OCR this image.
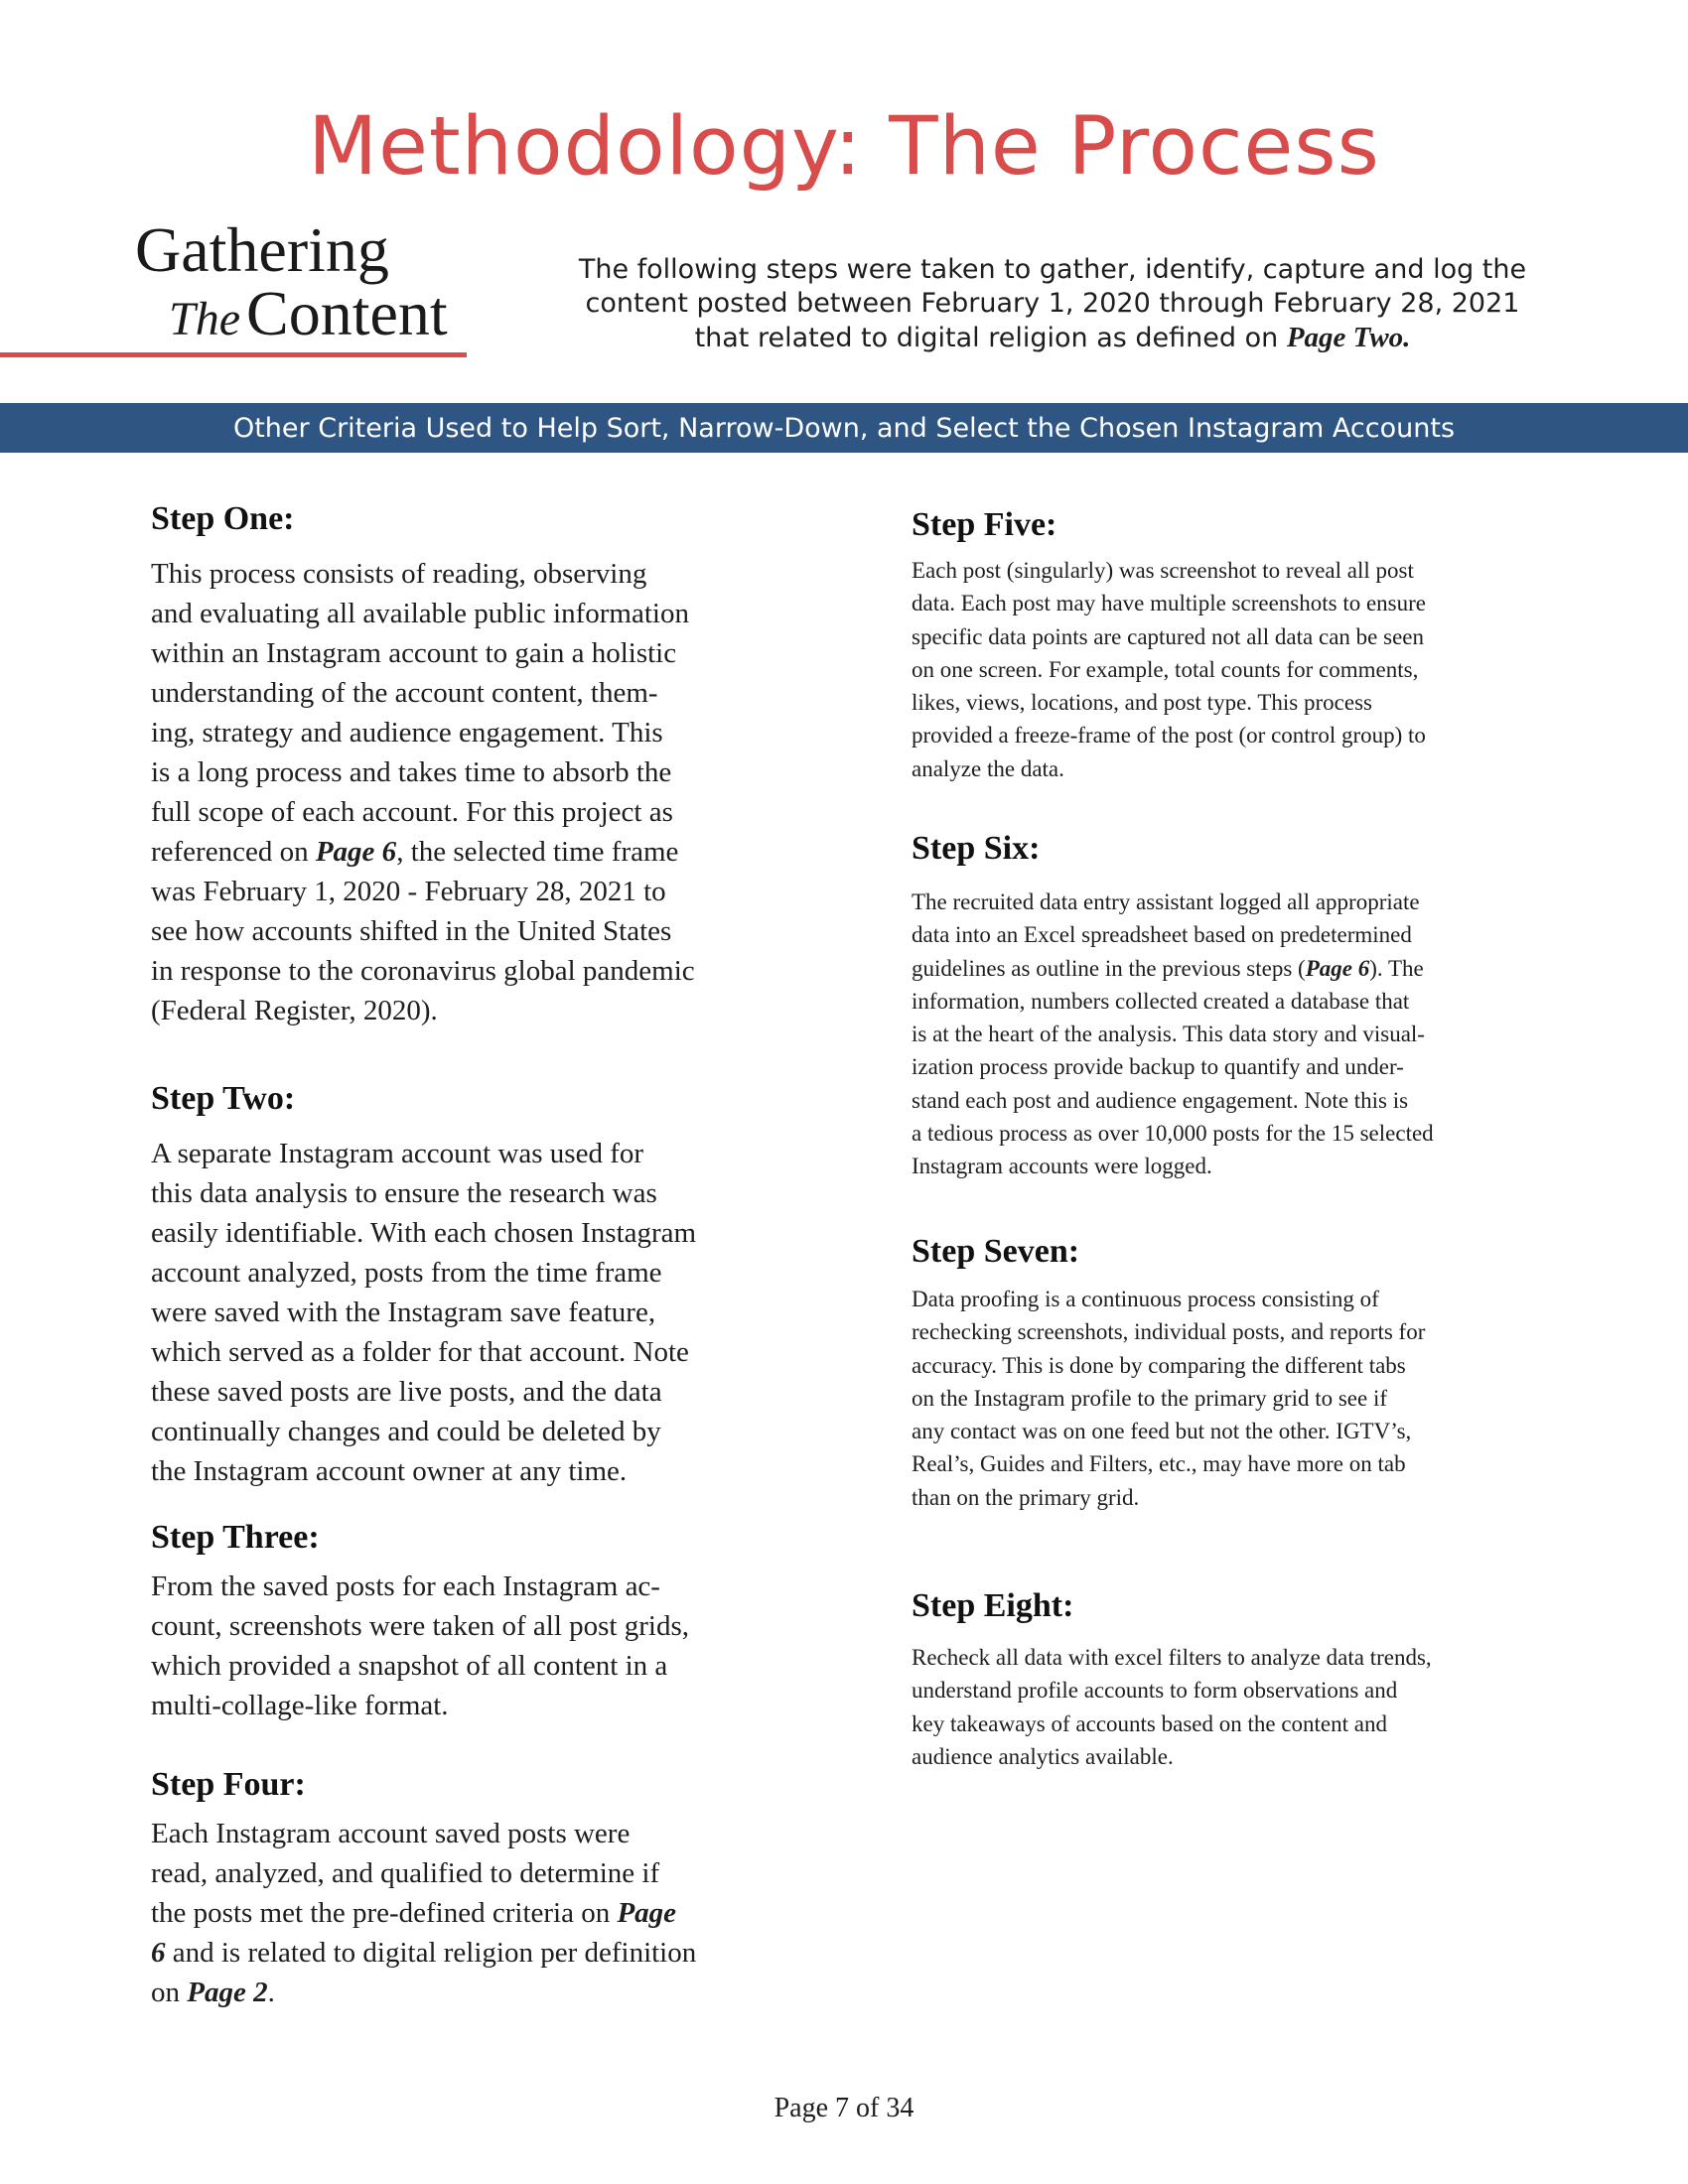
Methodology: The Process
Gathering
TheContent
The following steps were taken to gather, identify, capture and log the
content posted between February 1, 2020 through February 28, 2021
that related to digital religion as defined on Page Two.
Other Criteria Used to Help Sort, Narrow-Down, and Select the Chosen Instagram Accounts
Step One:

This process consists of reading, observing
and evaluating all available public information
within an Instagram account to gain a holistic
understanding of the account content, them-
ing, strategy and audience engagement. This
is a long process and takes time to absorb the
full scope of each account. For this project as
referenced on Page 6, the selected time frame
was February 1, 2020 - February 28, 2021 to
see how accounts shifted in the United States
in response to the coronavirus global pandemic
(Federal Register, 2020).

Step Two:

A separate Instagram account was used for
this data analysis to ensure the research was
easily identifiable. With each chosen Instagram
account analyzed, posts from the time frame
were saved with the Instagram save feature,
which served as a folder for that account. Note
these saved posts are live posts, and the data
continually changes and could be deleted by
the Instagram account owner at any time.

Step Three:

From the saved posts for each Instagram ac-
count, screenshots were taken of all post grids,
which provided a snapshot of all content in a
multi-collage-like format.

Step Four:

Each Instagram account saved posts were
read, analyzed, and qualified to determine if
the posts met the pre-defined criteria on Page
6 and is related to digital religion per definition
on Page 2.

Step Five:

Each post (singularly) was screenshot to reveal all post
data. Each post may have multiple screenshots to ensure
specific data points are captured not all data can be seen
on one screen. For example, total counts for comments,
likes, views, locations, and post type. This process
provided a freeze-frame of the post (or control group) to
analyze the data.

Step Six:

The recruited data entry assistant logged all appropriate
data into an Excel spreadsheet based on predetermined
guidelines as outline in the previous steps (Page 6). The
information, numbers collected created a database that
is at the heart of the analysis. This data story and visual-
ization process provide backup to quantify and under-
stand each post and audience engagement. Note this is
a tedious process as over 10,000 posts for the 15 selected
Instagram accounts were logged.

Step Seven:

Data proofing is a continuous process consisting of
rechecking screenshots, individual posts, and reports for
accuracy. This is done by comparing the different tabs
on the Instagram profile to the primary grid to see if
any contact was on one feed but not the other. IGTV’s,
Real’s, Guides and Filters, etc., may have more on tab
than on the primary grid.

Step Eight:

Recheck all data with excel filters to analyze data trends,
understand profile accounts to form observations and
key takeaways of accounts based on the content and
audience analytics available.

Page 7 of 34
